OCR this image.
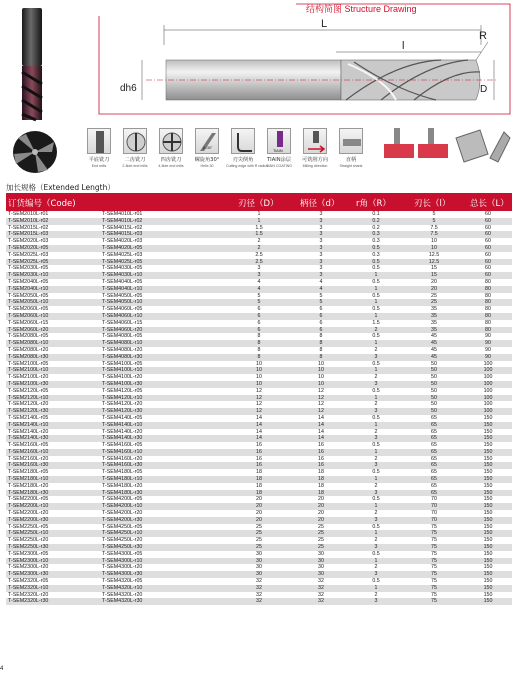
结构简图 Structure Drawing
L
l
R
dh6	D
平底铣刀
End mills
二齿铣刀
2-flute end mills
四齿铣刀
4-flute end mills
β=30°
螺旋角30°
Helix 30
刃尖倒角
Cutting edge with R radius
TiAlN
TIAlN涂层
TIAlN COATING
可铣削方向
Milling direction
直柄
Straight shank
加长规格（Extended Length）
订货编号（Code)	刃径（D）	柄径（d） r角（R）	刃长（l） 总长（L）
T-SEM2010L-r01	T-SEM4010L-r01	1	3	0.1	5	60
T-SEM2010L-r02	T-SEM4010L-r02	1	3	0.2	5	60
T-SEM2015L-r02	T-SEM4015L-r02	1.5	3	0.2	7.5	60
T-SEM2015L-r03	T-SEM4015L-r03	1.5	3	0.3	7.5	60
T-SEM2020L-r03	T-SEM4020L-r03	2	3	0.3	10	60
T-SEM2020L-r05	T-SEM4020L-r05	2	3	0.5	10	60
T-SEM2025L-r03	T-SEM4025L-r03	2.5	3	0.3	12.5	60
T-SEM2025L-r05	T-SEM4025L-r05	2.5	3	0.5	12.5	60
T-SEM2030L-r05	T-SEM4030L-r05	3	3	0.5	15	60
T-SEM2030L-r10	T-SEM4030L-r10	3	3	1	15	60
T-SEM2040L-r05	T-SEM4040L-r05	4	4	0.5	20	80
T-SEM2040L-r10	T-SEM4040L-r10	4	4	1	20	80
T-SEM2050L-r05	T-SEM4050L-r05	5	5	0.5	25	80
T-SEM2050L-r10	T-SEM4050L-r10	5	5	1	25	80
T-SEM2060L-r05	T-SEM4060L-r05	6	6	0.5	35	80
T-SEM2060L-r10	T-SEM4060L-r10	6	6	1	35	80
T-SEM2060L-r15	T-SEM4060L-r15	6	6	1.5	35	80
T-SEM2060L-r20	T-SEM4060L-r20	6	6	2	35	80
T-SEM2080L-r05	T-SEM4080L-r05	8	8	0.5	45	90
T-SEM2080L-r10	T-SEM4080L-r10	8	8	1	45	90
T-SEM2080L-r20	T-SEM4080L-r20	8	8	2	45	90
T-SEM2080L-r30	T-SEM4080L-r30	8	8	3	45	90
T-SEM2100L-r05	T-SEM4100L-r05	10	10	0.5	50	100
T-SEM2100L-r10	T-SEM4100L-r10	10	10	1	50	100
T-SEM2100L-r20	T-SEM4100L-r20	10	10	2	50	100
T-SEM2100L-r30	T-SEM4100L-r30	10	10	3	50	100
T-SEM2120L-r05	T-SEM4120L-r05	12	12	0.5	50	100
T-SEM2120L-r10	T-SEM4120L-r10	12	12	1	50	100
T-SEM2120L-r20	T-SEM4120L-r20	12	12	2	50	100
T-SEM2120L-r30	T-SEM4120L-r30	12	12	3	50	100
T-SEM2140L-r05	T-SEM4140L-r05	14	14	0.5	65	150
T-SEM2140L-r10	T-SEM4140L-r10	14	14	1	65	150
T-SEM2140L-r20	T-SEM4140L-r20	14	14	2	65	150
T-SEM2140L-r30	T-SEM4140L-r30	14	14	3	65	150
T-SEM2160L-r05	T-SEM4160L-r05	16	16	0.5	65	150
T-SEM2160L-r10	T-SEM4160L-r10	16	16	1	65	150
T-SEM2160L-r20	T-SEM4160L-r20	16	16	2	65	150
T-SEM2160L-r30	T-SEM4160L-r30	16	16	3	65	150
T-SEM2180L-r05	T-SEM4180L-r05	18	18	0.5	65	150
T-SEM2180L-r10	T-SEM4180L-r10	18	18	1	65	150
T-SEM2180L-r20	T-SEM4180L-r20	18	18	2	65	150
T-SEM2180L-r30	T-SEM4180L-r30	18	18	3	65	150
T-SEM2200L-r05	T-SEM4200L-r05	20	20	0.5	70	150
T-SEM2200L-r10	T-SEM4200L-r10	20	20	1	70	150
T-SEM2200L-r20	T-SEM4200L-r20	20	20	2	70	150
T-SEM2200L-r30	T-SEM4200L-r30	20	20	3	70	150
T-SEM2250L-r05	T-SEM4250L-r05	25	25	0.5	75	150
T-SEM2250L-r10	T-SEM4250L-r10	25	25	1	75	150
T-SEM2250L-r20	T-SEM4250L-r20	25	25	2	75	150
T-SEM2250L-r30	T-SEM4250L-r30	25	25	3	75	150
T-SEM2300L-r05	T-SEM4300L-r05	30	30	0.5	75	150
T-SEM2300L-r10	T-SEM4300L-r10	30	30	1	75	150
T-SEM2300L-r20	T-SEM4300L-r20	30	30	2	75	150
T-SEM2300L-r30	T-SEM4300L-r30	30	30	3	75	150
T-SEM2320L-r05	T-SEM4320L-r05	32	32	0.5	75	150
T-SEM2320L-r10	T-SEM4320L-r10	32	32	1	75	150
T-SEM2320L-r20	T-SEM4320L-r20	32	32	2	75	150
T-SEM2320L-r30	T-SEM4320L-r30	32	32	3	75	150
4
